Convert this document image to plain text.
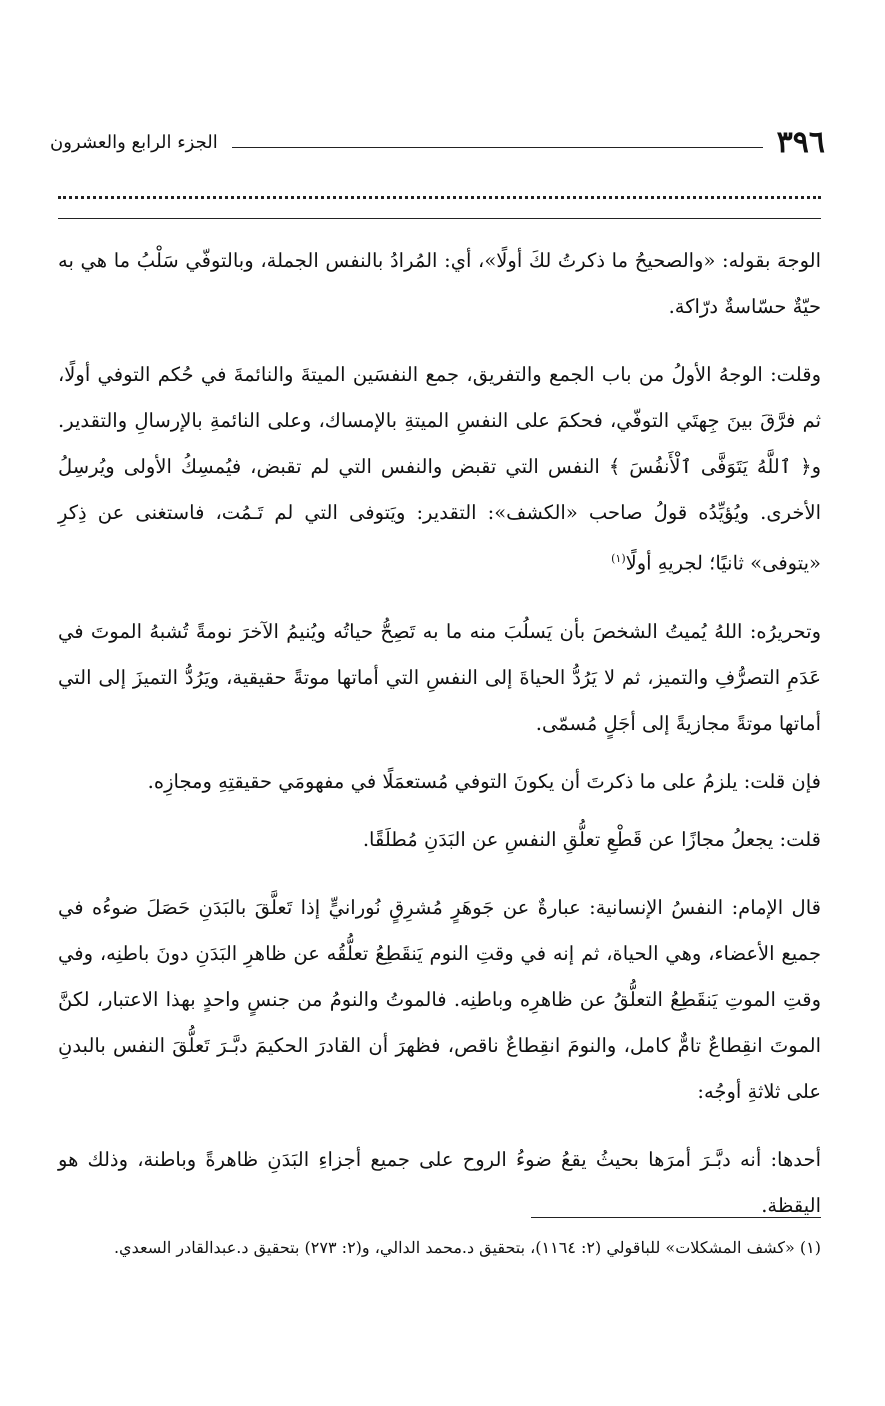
٣٩٦
الجزء الرابع والعشرون

الوجهَ بقوله: «والصحيحُ ما ذكرتُ لكَ أولًا»، أي: المُرادُ بالنفس الجملة، وبالتوفّي سَلْبُ ما هي به حيّةٌ حسّاسةٌ درّاكة.

وقلت: الوجهُ الأولُ من باب الجمع والتفريق، جمع النفسَين الميتةَ والنائمةَ في حُكم التوفي أولًا، ثم فرَّقَ بينَ جِهتَي التوفّي، فحكمَ على النفسِ الميتةِ بالإمساك، وعلى النائمةِ بالإرسالِ والتقدير. و﴿ ٱللَّهُ يَتَوَفَّى ٱلْأَنفُسَ ﴾ النفس التي تقبض والنفس التي لم تقبض، فيُمسِكُ الأولى ويُرسِلُ الأخرى. ويُؤيِّدُه قولُ صاحب «الكشف»: التقدير: ويَتوفى التي لم تَـمُت، فاستغنى عن ذِكرِ «يتوفى» ثانيًا؛ لجريهِ أولًا$^{(١)}$

وتحريرُه: اللهُ يُميتُ الشخصَ بأن يَسلُبَ منه ما به تَصِحُّ حياتُه ويُنيمُ الآخرَ نومةً تُشبهُ الموتَ في عَدَمِ التصرُّفِ والتميز، ثم لا يَرُدُّ الحياةَ إلى النفسِ التي أماتها موتةً حقيقية، ويَرُدُّ التميزَ إلى التي أماتها موتةً مجازيةً إلى أجَلٍ مُسمّى.

فإن قلت: يلزمُ على ما ذكرتَ أن يكونَ التوفي مُستعمَلًا في مفهومَي حقيقتِهِ ومجازِه.

قلت: يجعلُ مجازًا عن قَطْعِ تعلُّقِ النفسِ عن البَدَنِ مُطلَقًا.

قال الإمام: النفسُ الإنسانية: عبارةٌ عن جَوهَرٍ مُشرِقٍ نُورانيٍّ إذا تَعلَّقَ بالبَدَنِ حَصَلَ ضوءُه في جميع الأعضاء، وهي الحياة، ثم إنه في وقتِ النوم يَنقَطِعُ تعلُّقُه عن ظاهرِ البَدَنِ دونَ باطنِه، وفي وقتِ الموتِ يَنقَطِعُ التعلُّقُ عن ظاهرِه وباطنِه. فالموتُ والنومُ من جنسٍ واحدٍ بهذا الاعتبار، لكنَّ الموتَ انقِطاعٌ تامٌّ كامل، والنومَ انقِطاعٌ ناقص، فظهرَ أن القادرَ الحكيمَ دبَّـرَ تَعلُّقَ النفس بالبدنِ على ثلاثةِ أوجُه:

أحدها: أنه دبَّـرَ أمرَها بحيثُ يقعُ ضوءُ الروح على جميع أجزاءِ البَدَنِ ظاهرةً وباطنة، وذلك هو اليقظة.

(١) «كشف المشكلات» للباقولي (٢: ١١٦٤)، بتحقيق د.محمد الدالي، و(٢: ٢٧٣) بتحقيق د.عبدالقادر السعدي.
